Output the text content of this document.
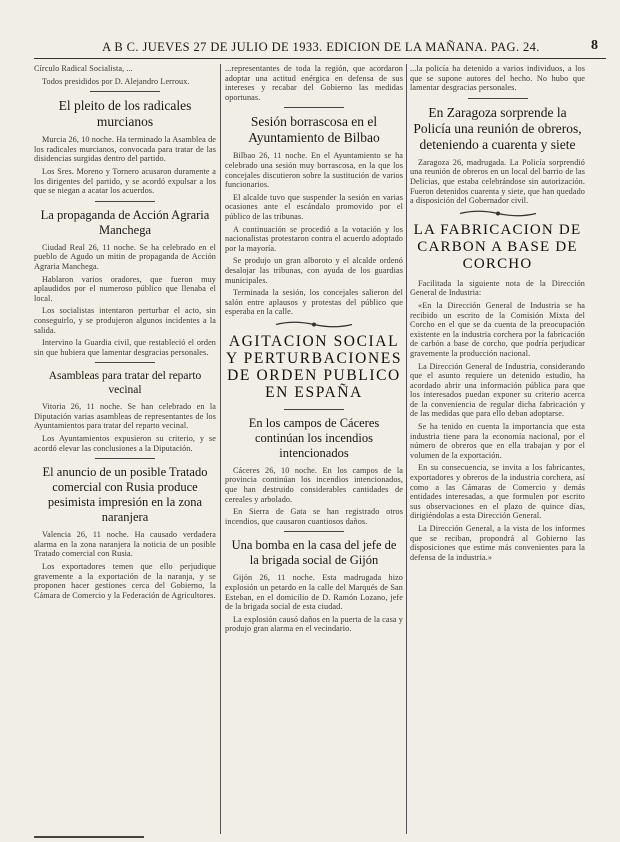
A B C. JUEVES 27 DE JULIO DE 1933. EDICION DE LA MAÑANA. PAG. 24.	8

Círculo Radical Socialista, ...

Todos presididos por D. Alejandro Lerroux.

El pleito de los radicales murcianos

Murcia 26, 10 noche. Ha terminado la Asamblea de los radicales murcianos, convocada para tratar de las disidencias surgidas dentro del partido.

Los Sres. Moreno y Tornero acusaron duramente a los dirigentes del partido, y se acordó expulsar a los que se niegan a acatar los acuerdos.

La propaganda de Acción Agraria Manchega

Ciudad Real 26, 11 noche. Se ha celebrado en el pueblo de Agudo un mitin de propaganda de Acción Agraria Manchega.

Hablaron varios oradores, que fueron muy aplaudidos por el numeroso público que llenaba el local.

Los socialistas intentaron perturbar el acto, sin conseguirlo, y se produjeron algunos incidentes a la salida.

Intervino la Guardia civil, que restableció el orden sin que hubiera que lamentar desgracias personales.

Asambleas para tratar del reparto vecinal

Vitoria 26, 11 noche. Se han celebrado en la Diputación varias asambleas de representantes de los Ayuntamientos para tratar del reparto vecinal.

Los Ayuntamientos expusieron su criterio, y se acordó elevar las conclusiones a la Diputación.

El anuncio de un posible Tratado comercial con Rusia produce pesimista impresión en la zona naranjera

Valencia 26, 11 noche. Ha causado verdadera alarma en la zona naranjera la noticia de un posible Tratado comercial con Rusia.

Los exportadores temen que ello perjudique gravemente a la exportación de la naranja, y se proponen hacer gestiones cerca del Gobierno, la Cámara de Comercio y la Federación de Agricultores.

...representantes de toda la región, que acordaron adoptar una actitud enérgica en defensa de sus intereses y recabar del Gobierno las medidas oportunas.

Sesión borrascosa en el Ayuntamiento de Bilbao

Bilbao 26, 11 noche. En el Ayuntamiento se ha celebrado una sesión muy borrascosa, en la que los concejales discutieron sobre la sustitución de varios funcionarios.

El alcalde tuvo que suspender la sesión en varias ocasiones ante el escándalo promovido por el público de las tribunas.

A continuación se procedió a la votación y los nacionalistas protestaron contra el acuerdo adoptado por la mayoría.

Se produjo un gran alboroto y el alcalde ordenó desalojar las tribunas, con ayuda de los guardias municipales.

Terminada la sesión, los concejales salieron del salón entre aplausos y protestas del público que esperaba en la calle.

AGITACION SOCIAL Y PERTURBACIONES DE ORDEN PUBLICO EN ESPAÑA
En los campos de Cáceres continúan los incendios intencionados

Cáceres 26, 10 noche. En los campos de la provincia continúan los incendios intencionados, que han destruido considerables cantidades de cereales y arbolado.

En Sierra de Gata se han registrado otros incendios, que causaron cuantiosos daños.

Una bomba en la casa del jefe de la brigada social de Gijón

Gijón 26, 11 noche. Esta madrugada hizo explosión un petardo en la calle del Marqués de San Esteban, en el domicilio de D. Ramón Lozano, jefe de la brigada social de esta ciudad.

La explosión causó daños en la puerta de la casa y produjo gran alarma en el vecindario.

...la policía ha detenido a varios individuos, a los que se supone autores del hecho. No hubo que lamentar desgracias personales.

En Zaragoza sorprende la Policía una reunión de obreros, deteniendo a cuarenta y siete

Zaragoza 26, madrugada. La Policía sorprendió una reunión de obreros en un local del barrio de las Delicias, que estaba celebrándose sin autorización. Fueron detenidos cuarenta y siete, que han quedado a disposición del Gobernador civil.

LA FABRICACION DE CARBON A BASE DE CORCHO

Facilitada la siguiente nota de la Dirección General de Industria:

«En la Dirección General de Industria se ha recibido un escrito de la Comisión Mixta del Corcho en el que se da cuenta de la preocupación existente en la industria corchera por la fabricación de carbón a base de corcho, que podría perjudicar gravemente la producción nacional.

La Dirección General de Industria, considerando que el asunto requiere un detenido estudio, ha acordado abrir una información pública para que los interesados puedan exponer su criterio acerca de la conveniencia de regular dicha fabricación y de las medidas que para ello deban adoptarse.

Se ha tenido en cuenta la importancia que esta industria tiene para la economía nacional, por el número de obreros que en ella trabajan y por el volumen de la exportación.

En su consecuencia, se invita a los fabricantes, exportadores y obreros de la industria corchera, así como a las Cámaras de Comercio y demás entidades interesadas, a que formulen por escrito sus observaciones en el plazo de quince días, dirigiéndolas a esta Dirección General.

La Dirección General, a la vista de los informes que se reciban, propondrá al Gobierno las disposiciones que estime más convenientes para la defensa de la industria.»
